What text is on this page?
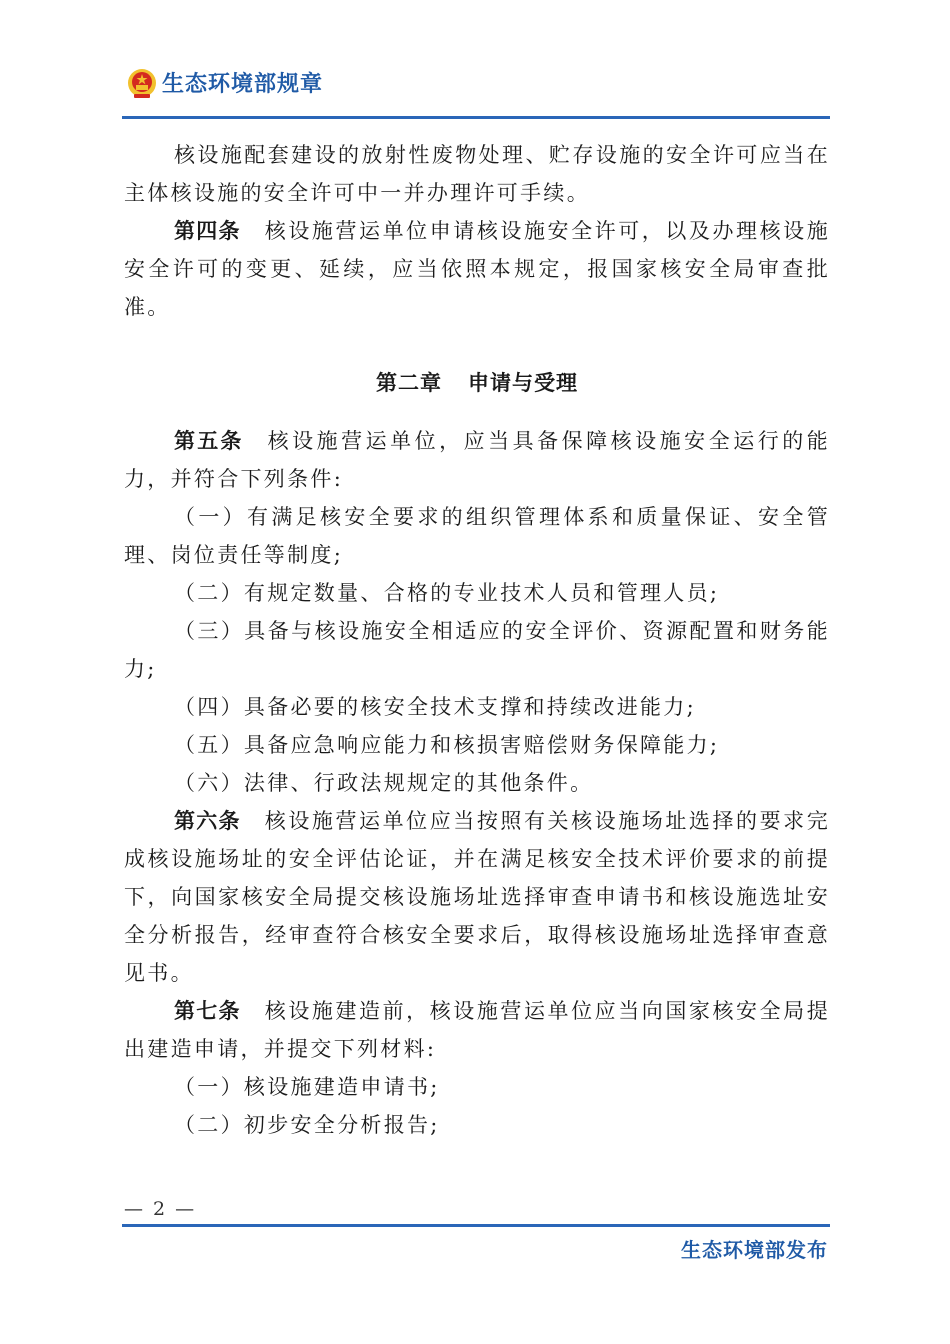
生态环境部规章

核设施配套建设的放射性废物处理、贮存设施的安全许可应当在主体核设施的安全许可中一并办理许可手续。

第四条 核设施营运单位申请核设施安全许可，以及办理核设施安全许可的变更、延续，应当依照本规定，报国家核安全局审查批准。

第二章 申请与受理

第五条 核设施营运单位，应当具备保障核设施安全运行的能力，并符合下列条件:

（一）有满足核安全要求的组织管理体系和质量保证、安全管理、岗位责任等制度;

（二）有规定数量、合格的专业技术人员和管理人员;

（三）具备与核设施安全相适应的安全评价、资源配置和财务能力;

（四）具备必要的核安全技术支撑和持续改进能力;

（五）具备应急响应能力和核损害赔偿财务保障能力;

（六）法律、行政法规规定的其他条件。

第六条 核设施营运单位应当按照有关核设施场址选择的要求完成核设施场址的安全评估论证，并在满足核安全技术评价要求的前提下，向国家核安全局提交核设施场址选择审查申请书和核设施选址安全分析报告，经审查符合核安全要求后，取得核设施场址选择审查意见书。

第七条 核设施建造前，核设施营运单位应当向国家核安全局提出建造申请，并提交下列材料:

（一）核设施建造申请书;

（二）初步安全分析报告;

— 2 —
生态环境部发布
